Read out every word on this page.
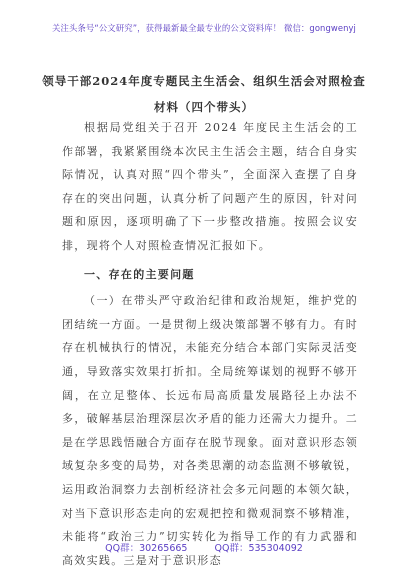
关注头条号“公文研究”，获得最新最全最专业的公文资料库！ 微信：gongwenyj
领导干部2024年度专题民主生活会、组织生活会对照检查
材料（四个带头）

根据局党组关于召开 2024 年度民主生活会的工作部署，我紧紧围绕本次民主生活会主题，结合自身实际情况，认真对照“四个带头”，全面深入查摆了自身存在的突出问题，认真分析了问题产生的原因，针对问题和原因，逐项明确了下一步整改措施。按照会议安排，现将个人对照检查情况汇报如下。

一、存在的主要问题

（一）在带头严守政治纪律和政治规矩，维护党的团结统一方面。一是贯彻上级决策部署不够有力。有时存在机械执行的情况，未能充分结合本部门实际灵活变通，导致落实效果打折扣。全局统筹谋划的视野不够开阔，在立足整体、长远布局高质量发展路径上办法不多，破解基层治理深层次矛盾的能力还需大力提升。二是在学思践悟融合方面存在脱节现象。面对意识形态领域复杂多变的局势，对各类思潮的动态监测不够敏锐，运用政治洞察力去剖析经济社会多元问题的本领欠缺，对当下意识形态走向的宏观把控和微观洞察不够精准，未能将“政治三力”切实转化为指导工作的有力武器和高效实践。三是对于意识形态

QQ群：30265665	QQ群：535304092
